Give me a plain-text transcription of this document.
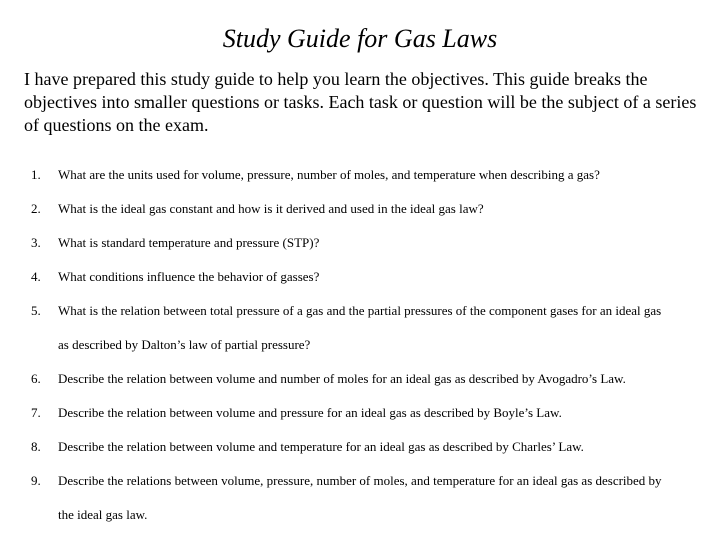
Study Guide for Gas Laws
I have prepared this study guide to help you learn the objectives. This guide breaks the objectives into smaller questions or tasks. Each task or question will be the subject of a series of questions on the exam.
1.	What are the units used for volume, pressure, number of moles, and temperature when describing a gas?
2.	What is the ideal gas constant and how is it derived and used in the ideal gas law?
3.	What is standard temperature and pressure (STP)?
4.	What conditions influence the behavior of gasses?
5.	What is the relation between total pressure of a gas and the partial pressures of the component gases for an ideal gas
as described by Dalton’s law of partial pressure?
6.	Describe the relation between volume and number of moles for an ideal gas as described by Avogadro’s Law.
7.	Describe the relation between volume and pressure for an ideal gas as described by Boyle’s Law.
8.	Describe the relation between volume and temperature for an ideal gas as described by Charles’ Law.
9.	Describe the relations between volume, pressure, number of moles, and temperature for an ideal gas as described by
the ideal gas law.
